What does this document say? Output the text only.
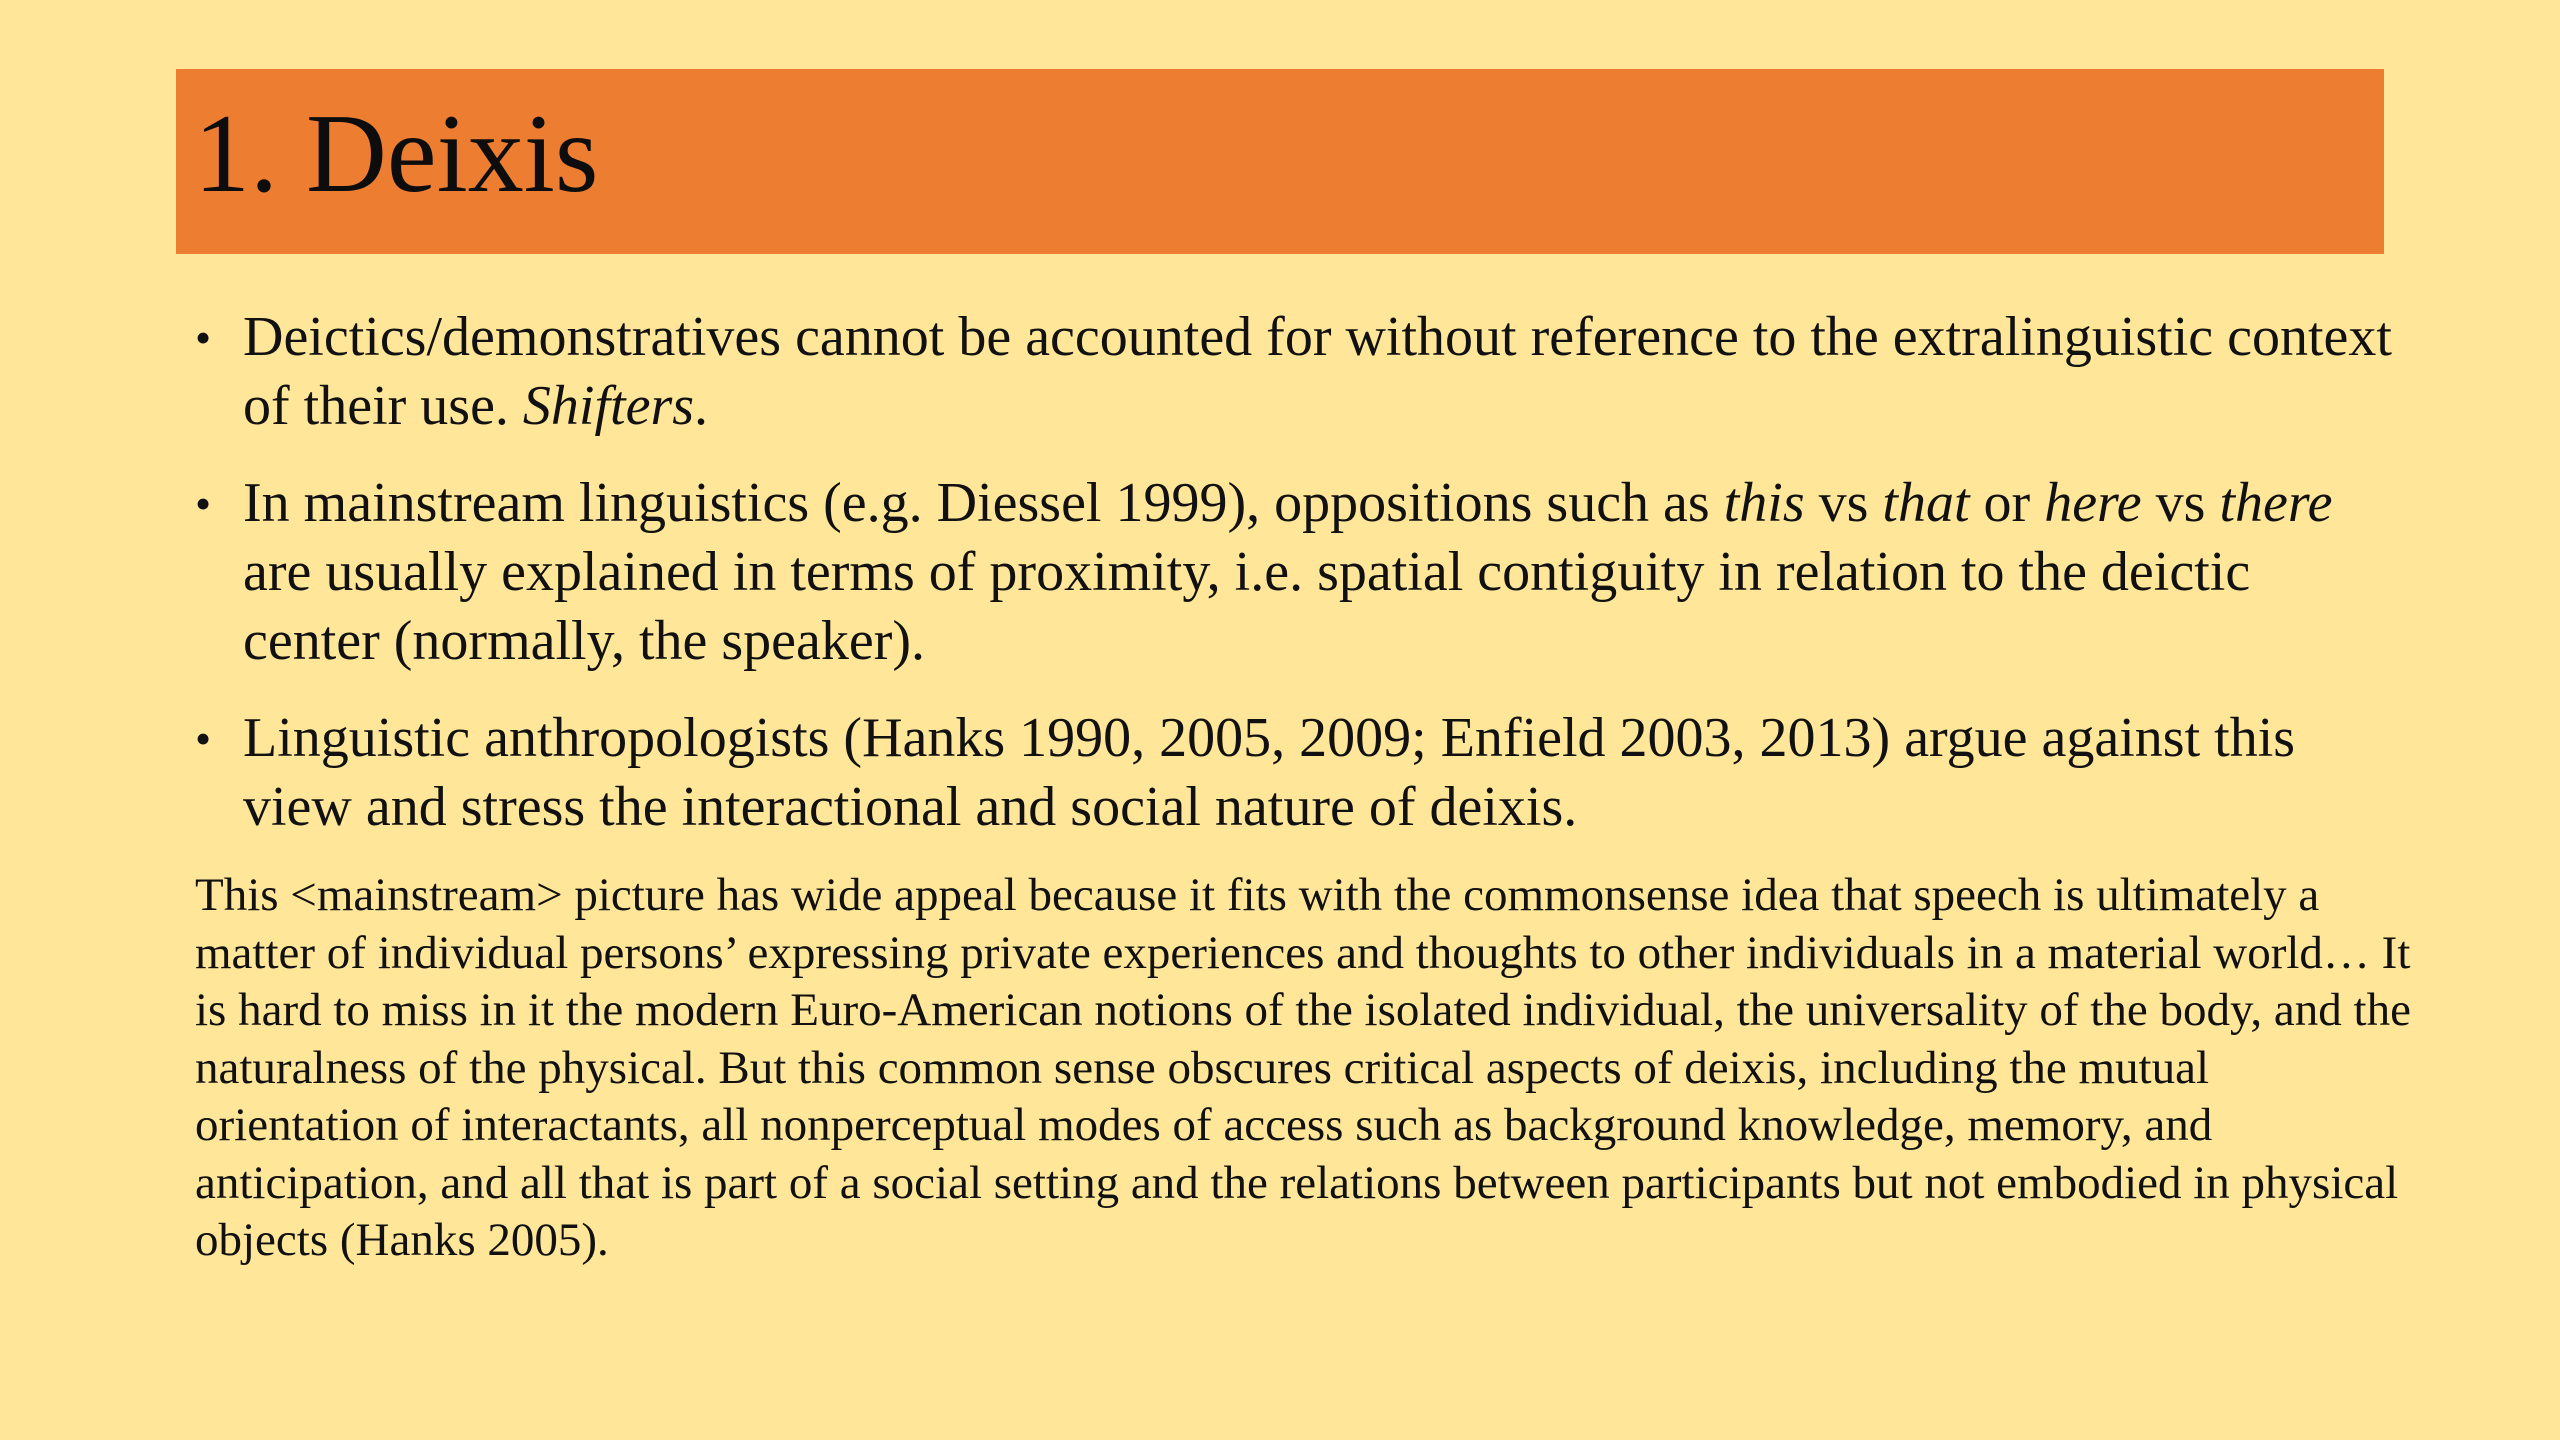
1. Deixis
• Deictics/demonstratives cannot be accounted for without reference to the extralinguistic context of their use. Shifters.
• In mainstream linguistics (e.g. Diessel 1999), oppositions such as this vs that or here vs there are usually explained in terms of proximity, i.e. spatial contiguity in relation to the deictic center (normally, the speaker).
• Linguistic anthropologists (Hanks 1990, 2005, 2009; Enfield 2003, 2013) argue against this view and stress the interactional and social nature of deixis.

This <mainstream> picture has wide appeal because it fits with the commonsense idea that speech is ultimately a matter of individual persons’ expressing private experiences and thoughts to other individuals in a material world… It is hard to miss in it the modern Euro-American notions of the isolated individual, the universality of the body, and the naturalness of the physical. But this common sense obscures critical aspects of deixis, including the mutual orientation of interactants, all nonperceptual modes of access such as background knowledge, memory, and anticipation, and all that is part of a social setting and the relations between participants but not embodied in physical objects (Hanks 2005).
